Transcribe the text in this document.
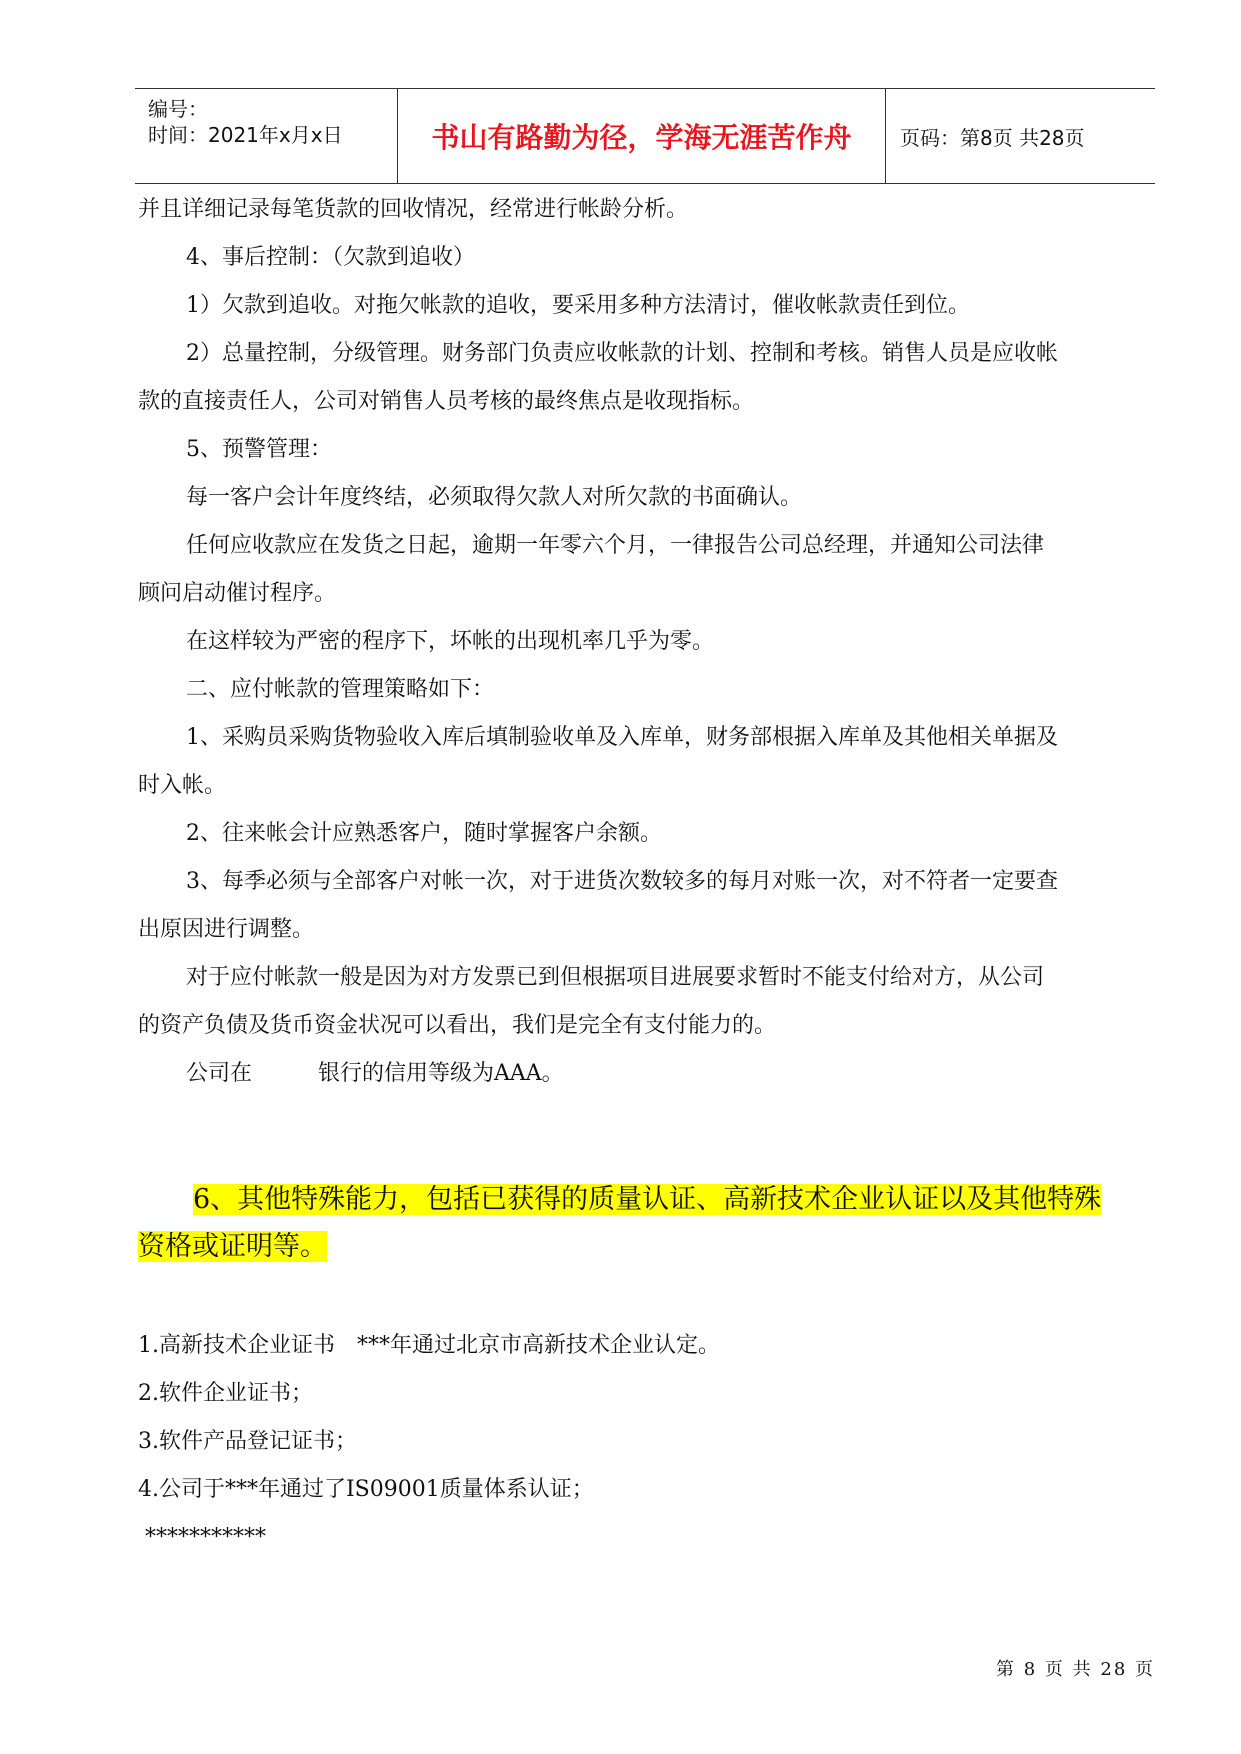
编号：
时间：2021年x月x日	书山有路勤为径，学海无涯苦作舟	页码：第8页 共28页
并且详细记录每笔货款的回收情况，经常进行帐龄分析。
4、事后控制：（欠款到追收）
1）欠款到追收。对拖欠帐款的追收，要采用多种方法清讨，催收帐款责任到位。
2）总量控制，分级管理。财务部门负责应收帐款的计划、控制和考核。销售人员是应收帐
款的直接责任人，公司对销售人员考核的最终焦点是收现指标。
5、预警管理：
每一客户会计年度终结，必须取得欠款人对所欠款的书面确认。
任何应收款应在发货之日起，逾期一年零六个月，一律报告公司总经理，并通知公司法律
顾问启动催讨程序。
在这样较为严密的程序下，坏帐的出现机率几乎为零。
二、应付帐款的管理策略如下：
1、采购员采购货物验收入库后填制验收单及入库单，财务部根据入库单及其他相关单据及
时入帐。
2、往来帐会计应熟悉客户，随时掌握客户余额。
3、每季必须与全部客户对帐一次，对于进货次数较多的每月对账一次，对不符者一定要查
出原因进行调整。
对于应付帐款一般是因为对方发票已到但根据项目进展要求暂时不能支付给对方，从公司
的资产负债及货币资金状况可以看出，我们是完全有支付能力的。
公司在　　　银行的信用等级为AAA。
6、其他特殊能力，包括已获得的质量认证、高新技术企业认证以及其他特殊
资格或证明等。
1.高新技术企业证书　***年通过北京市高新技术企业认定。
2.软件企业证书；
3.软件产品登记证书；
4.公司于***年通过了IS09001质量体系认证；
***********
第 8 页 共 28 页
